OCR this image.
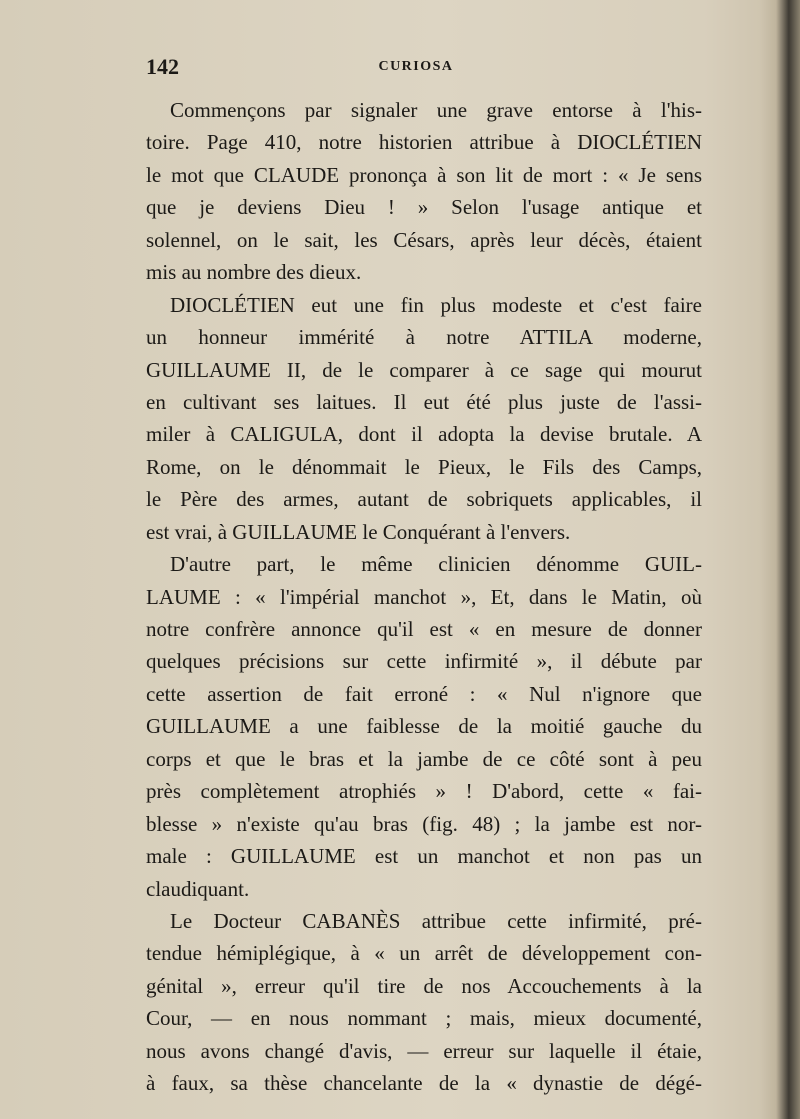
142	CURIOSA
Commençons par signaler une grave entorse à l'his-
toire. Page 410, notre historien attribue à DIOCLÉTIEN
le mot que CLAUDE prononça à son lit de mort : « Je sens
que je deviens Dieu ! » Selon l'usage antique et
solennel, on le sait, les Césars, après leur décès, étaient
mis au nombre des dieux.
DIOCLÉTIEN eut une fin plus modeste et c'est faire
un honneur immérité à notre ATTILA moderne,
GUILLAUME II, de le comparer à ce sage qui mourut
en cultivant ses laitues. Il eut été plus juste de l'assi-
miler à CALIGULA, dont il adopta la devise brutale. A
Rome, on le dénommait le Pieux, le Fils des Camps,
le Père des armes, autant de sobriquets applicables, il
est vrai, à GUILLAUME le Conquérant à l'envers.
D'autre part, le même clinicien dénomme GUIL-
LAUME : « l'impérial manchot », Et, dans le Matin, où
notre confrère annonce qu'il est « en mesure de donner
quelques précisions sur cette infirmité », il débute par
cette assertion de fait erroné : « Nul n'ignore que
GUILLAUME a une faiblesse de la moitié gauche du
corps et que le bras et la jambe de ce côté sont à peu
près complètement atrophiés » ! D'abord, cette « fai-
blesse » n'existe qu'au bras (fig. 48) ; la jambe est nor-
male : GUILLAUME est un manchot et non pas un
claudiquant.
Le Docteur CABANÈS attribue cette infirmité, pré-
tendue hémiplégique, à « un arrêt de développement con-
génital », erreur qu'il tire de nos Accouchements à la
Cour, — en nous nommant ; mais, mieux documenté,
nous avons changé d'avis, — erreur sur laquelle il étaie,
à faux, sa thèse chancelante de la « dynastie de dégé-
